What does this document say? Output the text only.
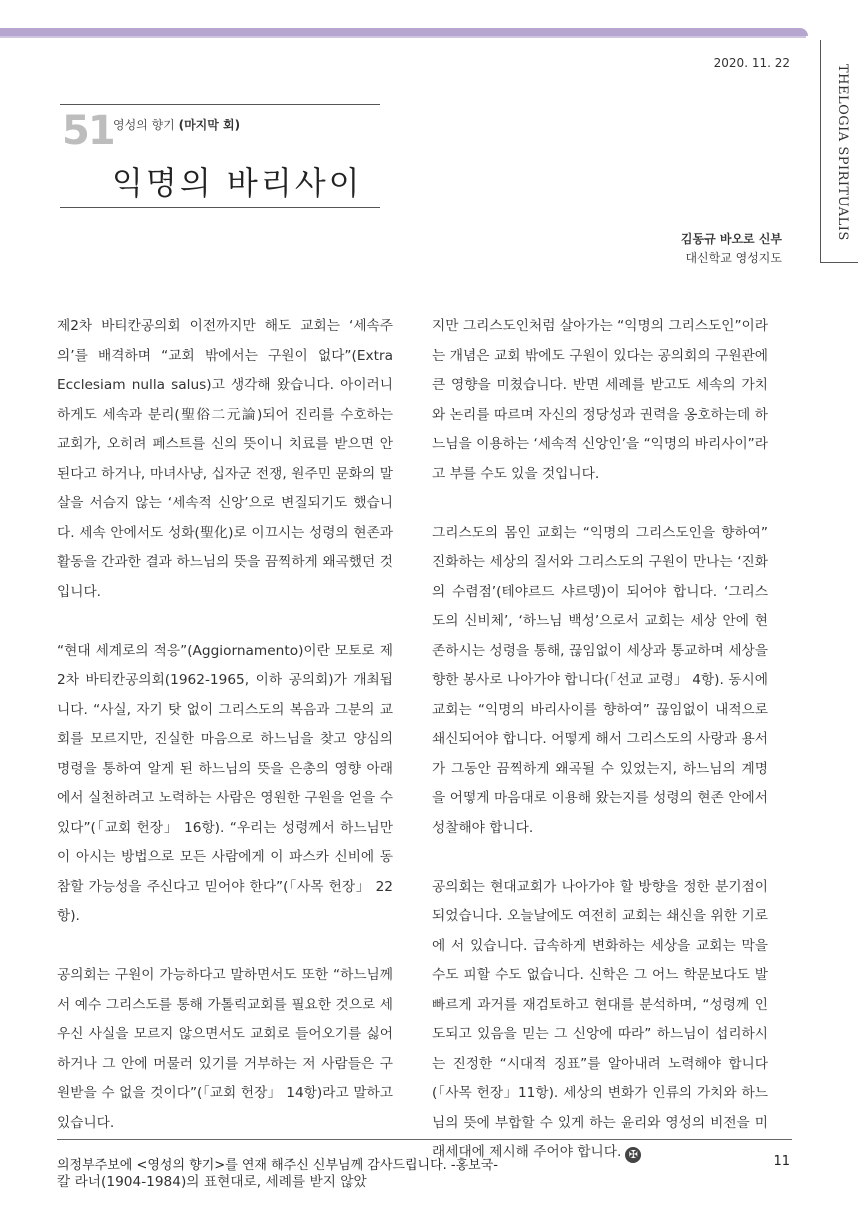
2020. 11. 22
THELOGIA SPIRITUALIS
51 영성의 향기 (마지막 회)
익명의 바리사이
김동규 바오로 신부
대신학교 영성지도

제2차 바티칸공의회 이전까지만 해도 교회는 ‘세속주의’를 배격하며 “교회 밖에서는 구원이 없다”(Extra Ecclesiam nulla salus)고 생각해 왔습니다. 아이러니하게도 세속과 분리(聖俗二元論)되어 진리를 수호하는 교회가, 오히려 페스트를 신의 뜻이니 치료를 받으면 안 된다고 하거나, 마녀사냥, 십자군 전쟁, 원주민 문화의 말살을 서슴지 않는 ‘세속적 신앙’으로 변질되기도 했습니다. 세속 안에서도 성화(聖化)로 이끄시는 성령의 현존과 활동을 간과한 결과 하느님의 뜻을 끔찍하게 왜곡했던 것입니다.

“현대 세계로의 적응”(Aggiornamento)이란 모토로 제2차 바티칸공의회(1962-1965, 이하 공의회)가 개최됩니다. “사실, 자기 탓 없이 그리스도의 복음과 그분의 교회를 모르지만, 진실한 마음으로 하느님을 찾고 양심의 명령을 통하여 알게 된 하느님의 뜻을 은총의 영향 아래에서 실천하려고 노력하는 사람은 영원한 구원을 얻을 수 있다”(「교회 헌장」 16항). “우리는 성령께서 하느님만이 아시는 방법으로 모든 사람에게 이 파스카 신비에 동참할 가능성을 주신다고 믿어야 한다”(「사목 헌장」 22항).

공의회는 구원이 가능하다고 말하면서도 또한 “하느님께서 예수 그리스도를 통해 가톨릭교회를 필요한 것으로 세우신 사실을 모르지 않으면서도 교회로 들어오기를 싫어하거나 그 안에 머물러 있기를 거부하는 저 사람들은 구원받을 수 없을 것이다”(「교회 헌장」 14항)라고 말하고 있습니다.

칼 라너(1904-1984)의 표현대로, 세례를 받지 않았

지만 그리스도인처럼 살아가는 “익명의 그리스도인”이라는 개념은 교회 밖에도 구원이 있다는 공의회의 구원관에 큰 영향을 미쳤습니다. 반면 세례를 받고도 세속의 가치와 논리를 따르며 자신의 정당성과 권력을 옹호하는데 하느님을 이용하는 ‘세속적 신앙인’을 “익명의 바리사이”라고 부를 수도 있을 것입니다.

그리스도의 몸인 교회는 “익명의 그리스도인을 향하여” 진화하는 세상의 질서와 그리스도의 구원이 만나는 ‘진화의 수렴점’(테야르드 샤르뎅)이 되어야 합니다. ‘그리스도의 신비체’, ‘하느님 백성’으로서 교회는 세상 안에 현존하시는 성령을 통해, 끊임없이 세상과 통교하며 세상을 향한 봉사로 나아가야 합니다(「선교 교령」 4항). 동시에 교회는 “익명의 바리사이를 향하여” 끊임없이 내적으로 쇄신되어야 합니다. 어떻게 해서 그리스도의 사랑과 용서가 그동안 끔찍하게 왜곡될 수 있었는지, 하느님의 계명을 어떻게 마음대로 이용해 왔는지를 성령의 현존 안에서 성찰해야 합니다.

공의회는 현대교회가 나아가야 할 방향을 정한 분기점이 되었습니다. 오늘날에도 여전히 교회는 쇄신을 위한 기로에 서 있습니다. 급속하게 변화하는 세상을 교회는 막을 수도 피할 수도 없습니다. 신학은 그 어느 학문보다도 발 빠르게 과거를 재검토하고 현대를 분석하며, “성령께 인도되고 있음을 믿는 그 신앙에 따라” 하느님이 섭리하시는 진정한 “시대적 징표”를 알아내려 노력해야 합니다(「사목 헌장」11항). 세상의 변화가 인류의 가치와 하느님의 뜻에 부합할 수 있게 하는 윤리와 영성의 비전을 미래세대에 제시해 주어야 합니다. ✠

의정부주보에 <영성의 향기>를 연재 해주신 신부님께 감사드립니다. -홍보국-	11
